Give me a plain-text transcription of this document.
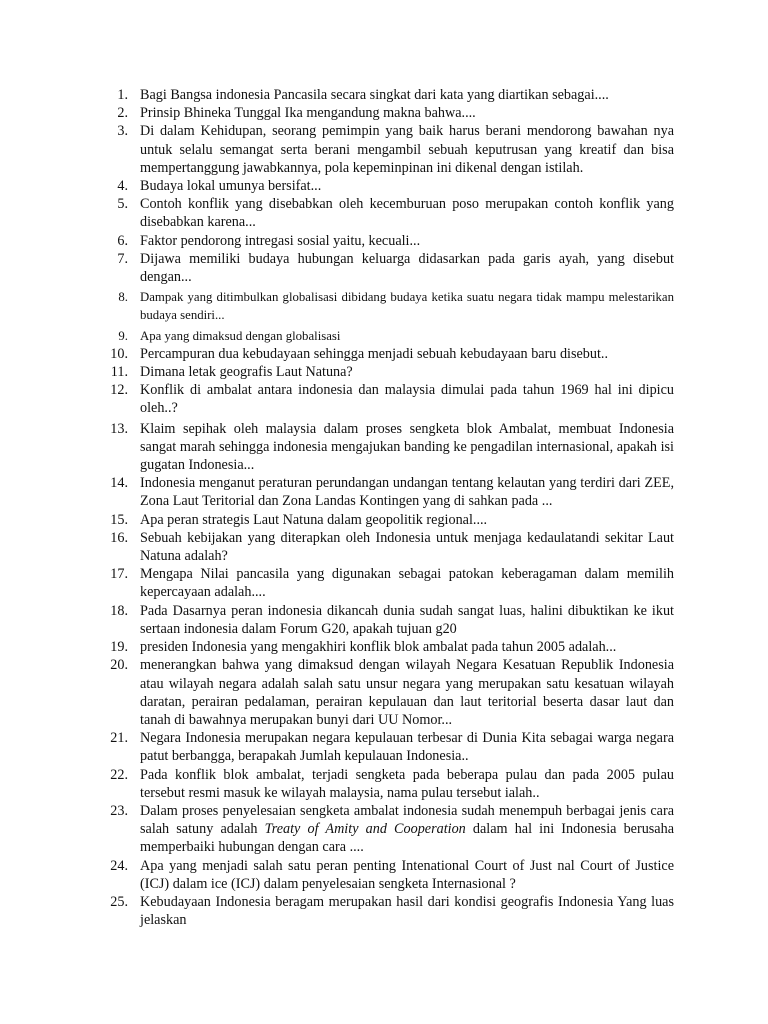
1. Bagi Bangsa indonesia Pancasila secara singkat dari kata yang diartikan sebagai....
2. Prinsip Bhineka Tunggal Ika mengandung makna bahwa....
3. Di dalam Kehidupan, seorang pemimpin yang baik harus berani mendorong bawahan nya untuk selalu semangat serta berani mengambil sebuah keputrusan yang kreatif dan bisa mempertanggung jawabkannya, pola kepeminpinan ini dikenal dengan istilah.
4. Budaya lokal umunya bersifat...
5. Contoh konflik yang disebabkan oleh kecemburuan poso merupakan contoh konflik yang disebabkan karena...
6. Faktor pendorong intregasi sosial yaitu, kecuali...
7. Dijawa memiliki budaya hubungan keluarga didasarkan pada garis ayah, yang disebut dengan...
8. Dampak yang ditimbulkan globalisasi dibidang budaya ketika suatu negara tidak mampu melestarikan budaya sendiri...
9. Apa yang dimaksud dengan globalisasi
10. Percampuran dua kebudayaan sehingga menjadi sebuah kebudayaan baru disebut..
11. Dimana letak geografis Laut Natuna?
12. Konflik di ambalat antara indonesia dan malaysia dimulai pada tahun 1969 hal ini dipicu oleh..?
13. Klaim sepihak oleh malaysia dalam proses sengketa blok Ambalat, membuat Indonesia sangat marah sehingga indonesia mengajukan banding ke pengadilan internasional, apakah isi gugatan Indonesia...
14. Indonesia menganut peraturan perundangan undangan tentang kelautan yang terdiri dari ZEE, Zona Laut Teritorial dan Zona Landas Kontingen yang di sahkan pada ...
15. Apa peran strategis Laut Natuna dalam geopolitik regional....
16. Sebuah kebijakan yang diterapkan oleh Indonesia untuk menjaga kedaulatandi sekitar Laut Natuna adalah?
17. Mengapa Nilai pancasila yang digunakan sebagai patokan keberagaman dalam memilih kepercayaan adalah....
18. Pada Dasarnya peran indonesia dikancah dunia sudah sangat luas, halini dibuktikan ke ikut sertaan indonesia dalam Forum G20, apakah tujuan g20
19. presiden Indonesia yang mengakhiri konflik blok ambalat pada tahun 2005 adalah...
20. menerangkan bahwa yang dimaksud dengan wilayah Negara Kesatuan Republik Indonesia atau wilayah negara adalah salah satu unsur negara yang merupakan satu kesatuan wilayah daratan, perairan pedalaman, perairan kepulauan dan laut teritorial beserta dasar laut dan tanah di bawahnya merupakan bunyi dari UU Nomor...
21. Negara Indonesia merupakan negara kepulauan terbesar di Dunia Kita sebagai warga negara patut berbangga, berapakah Jumlah kepulauan Indonesia..
22. Pada konflik blok ambalat, terjadi sengketa pada beberapa pulau dan pada 2005 pulau tersebut resmi masuk ke wilayah malaysia, nama pulau tersebut ialah..
23. Dalam proses penyelesaian sengketa ambalat indonesia sudah menempuh berbagai jenis cara salah satuny adalah Treaty of Amity and Cooperation dalam hal ini Indonesia berusaha memperbaiki hubungan dengan cara ....
24. Apa yang menjadi salah satu peran penting Intenational Court of Just nal Court of Justice (ICJ) dalam ice (ICJ) dalam penyelesaian sengketa Internasional ?
25. Kebudayaan Indonesia beragam merupakan hasil dari kondisi geografis Indonesia Yang luas jelaskan
